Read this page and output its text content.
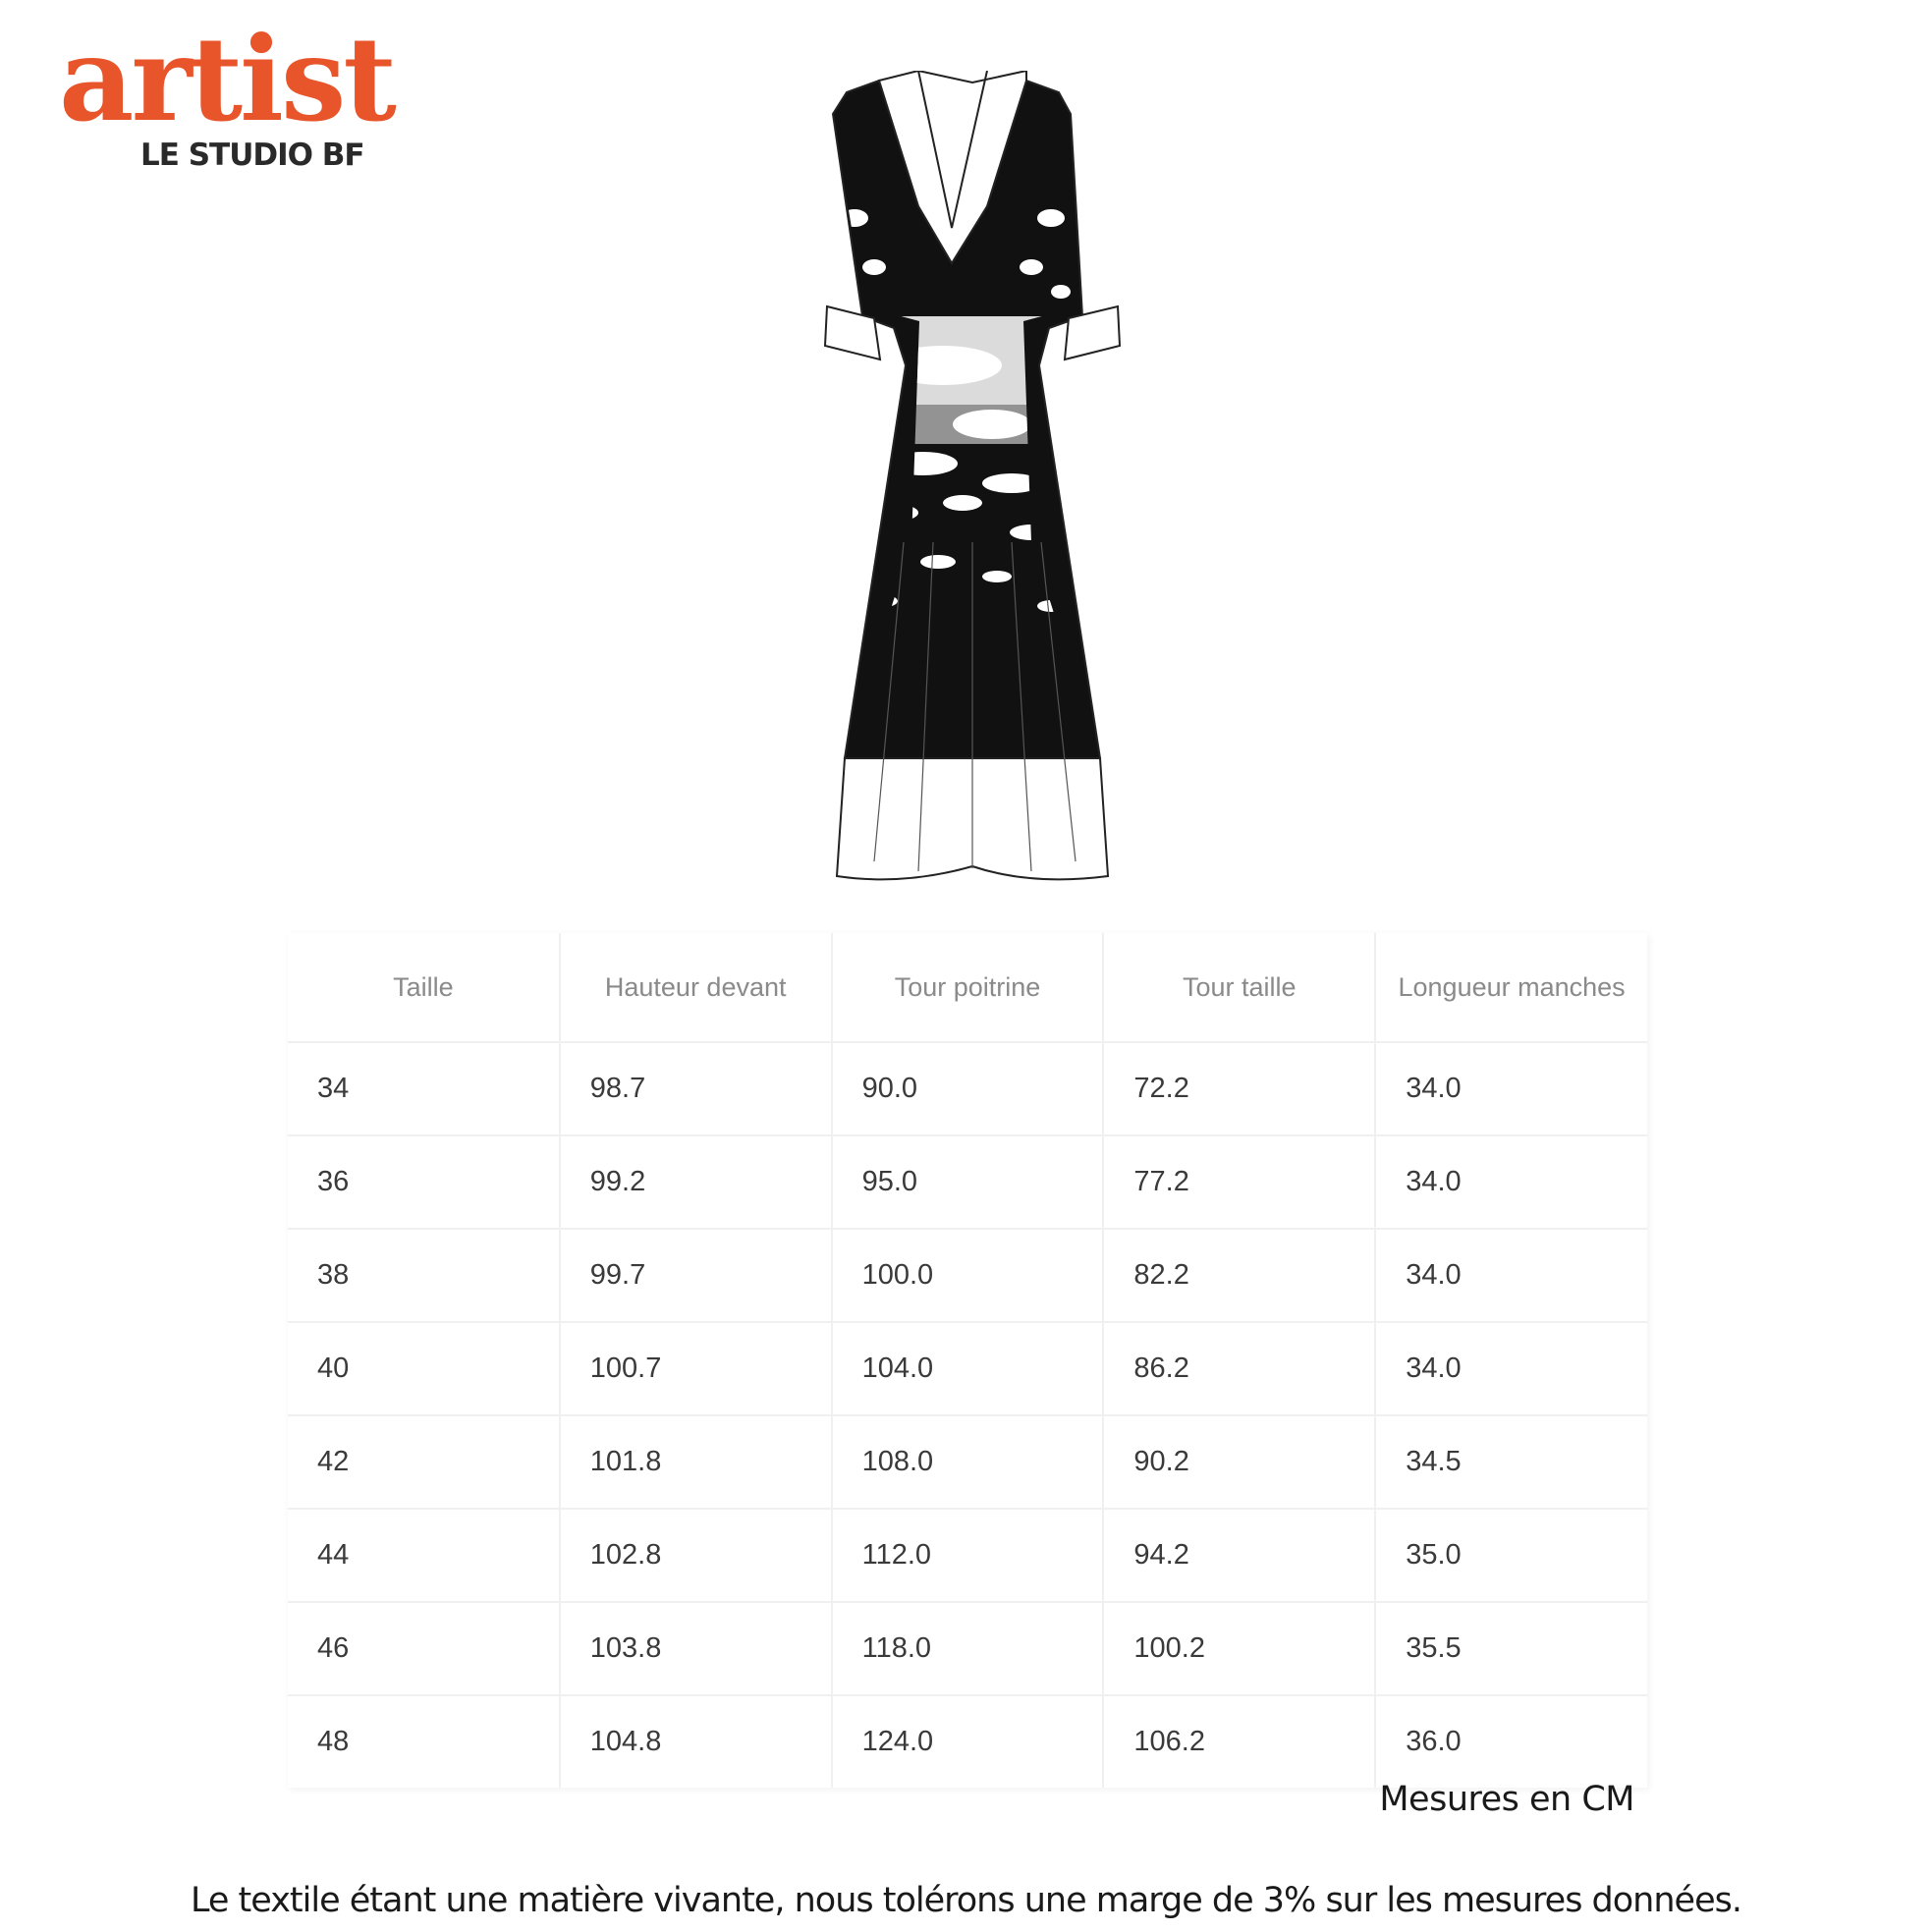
artist
LE STUDIO BF
Taille	Hauteur devant	Tour poitrine	Tour taille	Longueur manches
34	98.7	90.0	72.2	34.0
36	99.2	95.0	77.2	34.0
38	99.7	100.0	82.2	34.0
40	100.7	104.0	86.2	34.0
42	101.8	108.0	90.2	34.5
44	102.8	112.0	94.2	35.0
46	103.8	118.0	100.2	35.5
48	104.8	124.0	106.2	36.0
Mesures en CM
Le textile étant une matière vivante, nous tolérons une marge de 3% sur les mesures données.
